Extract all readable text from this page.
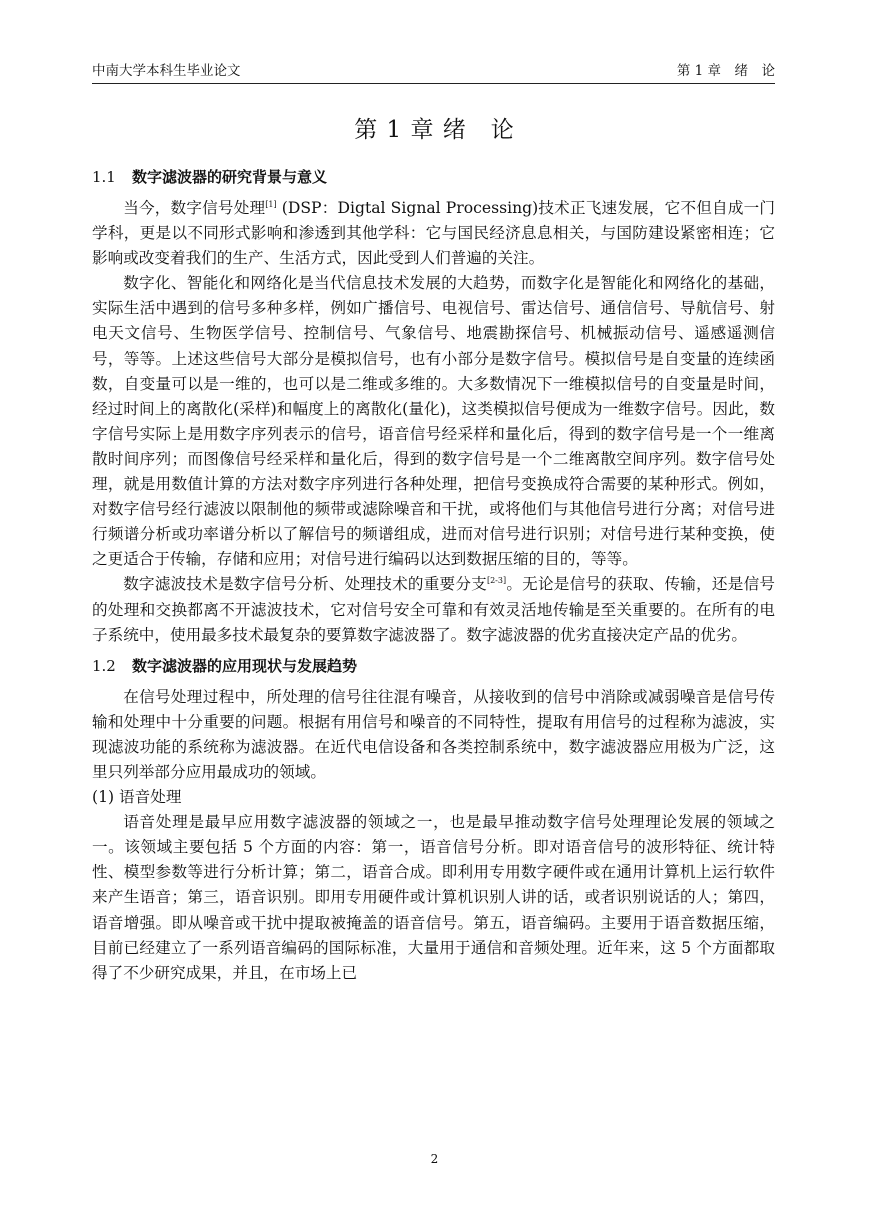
中南大学本科生毕业论文	第 1 章　绪　论
第 1 章 绪　论
1.1 数字滤波器的研究背景与意义

当今，数字信号处理[1] (DSP：Digtal Signal Processing)技术正飞速发展，它不但自成一门学科，更是以不同形式影响和渗透到其他学科：它与国民经济息息相关，与国防建设紧密相连；它影响或改变着我们的生产、生活方式，因此受到人们普遍的关注。

数字化、智能化和网络化是当代信息技术发展的大趋势，而数字化是智能化和网络化的基础，实际生活中遇到的信号多种多样，例如广播信号、电视信号、雷达信号、通信信号、导航信号、射电天文信号、生物医学信号、控制信号、气象信号、地震勘探信号、机械振动信号、遥感遥测信号，等等。上述这些信号大部分是模拟信号，也有小部分是数字信号。模拟信号是自变量的连续函数，自变量可以是一维的，也可以是二维或多维的。大多数情况下一维模拟信号的自变量是时间，经过时间上的离散化(采样)和幅度上的离散化(量化)，这类模拟信号便成为一维数字信号。因此，数字信号实际上是用数字序列表示的信号，语音信号经采样和量化后，得到的数字信号是一个一维离散时间序列；而图像信号经采样和量化后，得到的数字信号是一个二维离散空间序列。数字信号处理，就是用数值计算的方法对数字序列进行各种处理，把信号变换成符合需要的某种形式。例如，对数字信号经行滤波以限制他的频带或滤除噪音和干扰，或将他们与其他信号进行分离；对信号进行频谱分析或功率谱分析以了解信号的频谱组成，进而对信号进行识别；对信号进行某种变换，使之更适合于传输，存储和应用；对信号进行编码以达到数据压缩的目的，等等。

数字滤波技术是数字信号分析、处理技术的重要分支[2-3]。无论是信号的获取、传输，还是信号的处理和交换都离不开滤波技术，它对信号安全可靠和有效灵活地传输是至关重要的。在所有的电子系统中，使用最多技术最复杂的要算数字滤波器了。数字滤波器的优劣直接决定产品的优劣。

1.2 数字滤波器的应用现状与发展趋势

在信号处理过程中，所处理的信号往往混有噪音，从接收到的信号中消除或减弱噪音是信号传输和处理中十分重要的问题。根据有用信号和噪音的不同特性，提取有用信号的过程称为滤波，实现滤波功能的系统称为滤波器。在近代电信设备和各类控制系统中，数字滤波器应用极为广泛，这里只列举部分应用最成功的领域。

(1) 语音处理

语音处理是最早应用数字滤波器的领域之一，也是最早推动数字信号处理理论发展的领域之一。该领域主要包括 5 个方面的内容：第一，语音信号分析。即对语音信号的波形特征、统计特性、模型参数等进行分析计算；第二，语音合成。即利用专用数字硬件或在通用计算机上运行软件来产生语音；第三，语音识别。即用专用硬件或计算机识别人讲的话，或者识别说话的人；第四，语音增强。即从噪音或干扰中提取被掩盖的语音信号。第五，语音编码。主要用于语音数据压缩，目前已经建立了一系列语音编码的国际标准，大量用于通信和音频处理。近年来，这 5 个方面都取得了不少研究成果，并且，在市场上已

2
